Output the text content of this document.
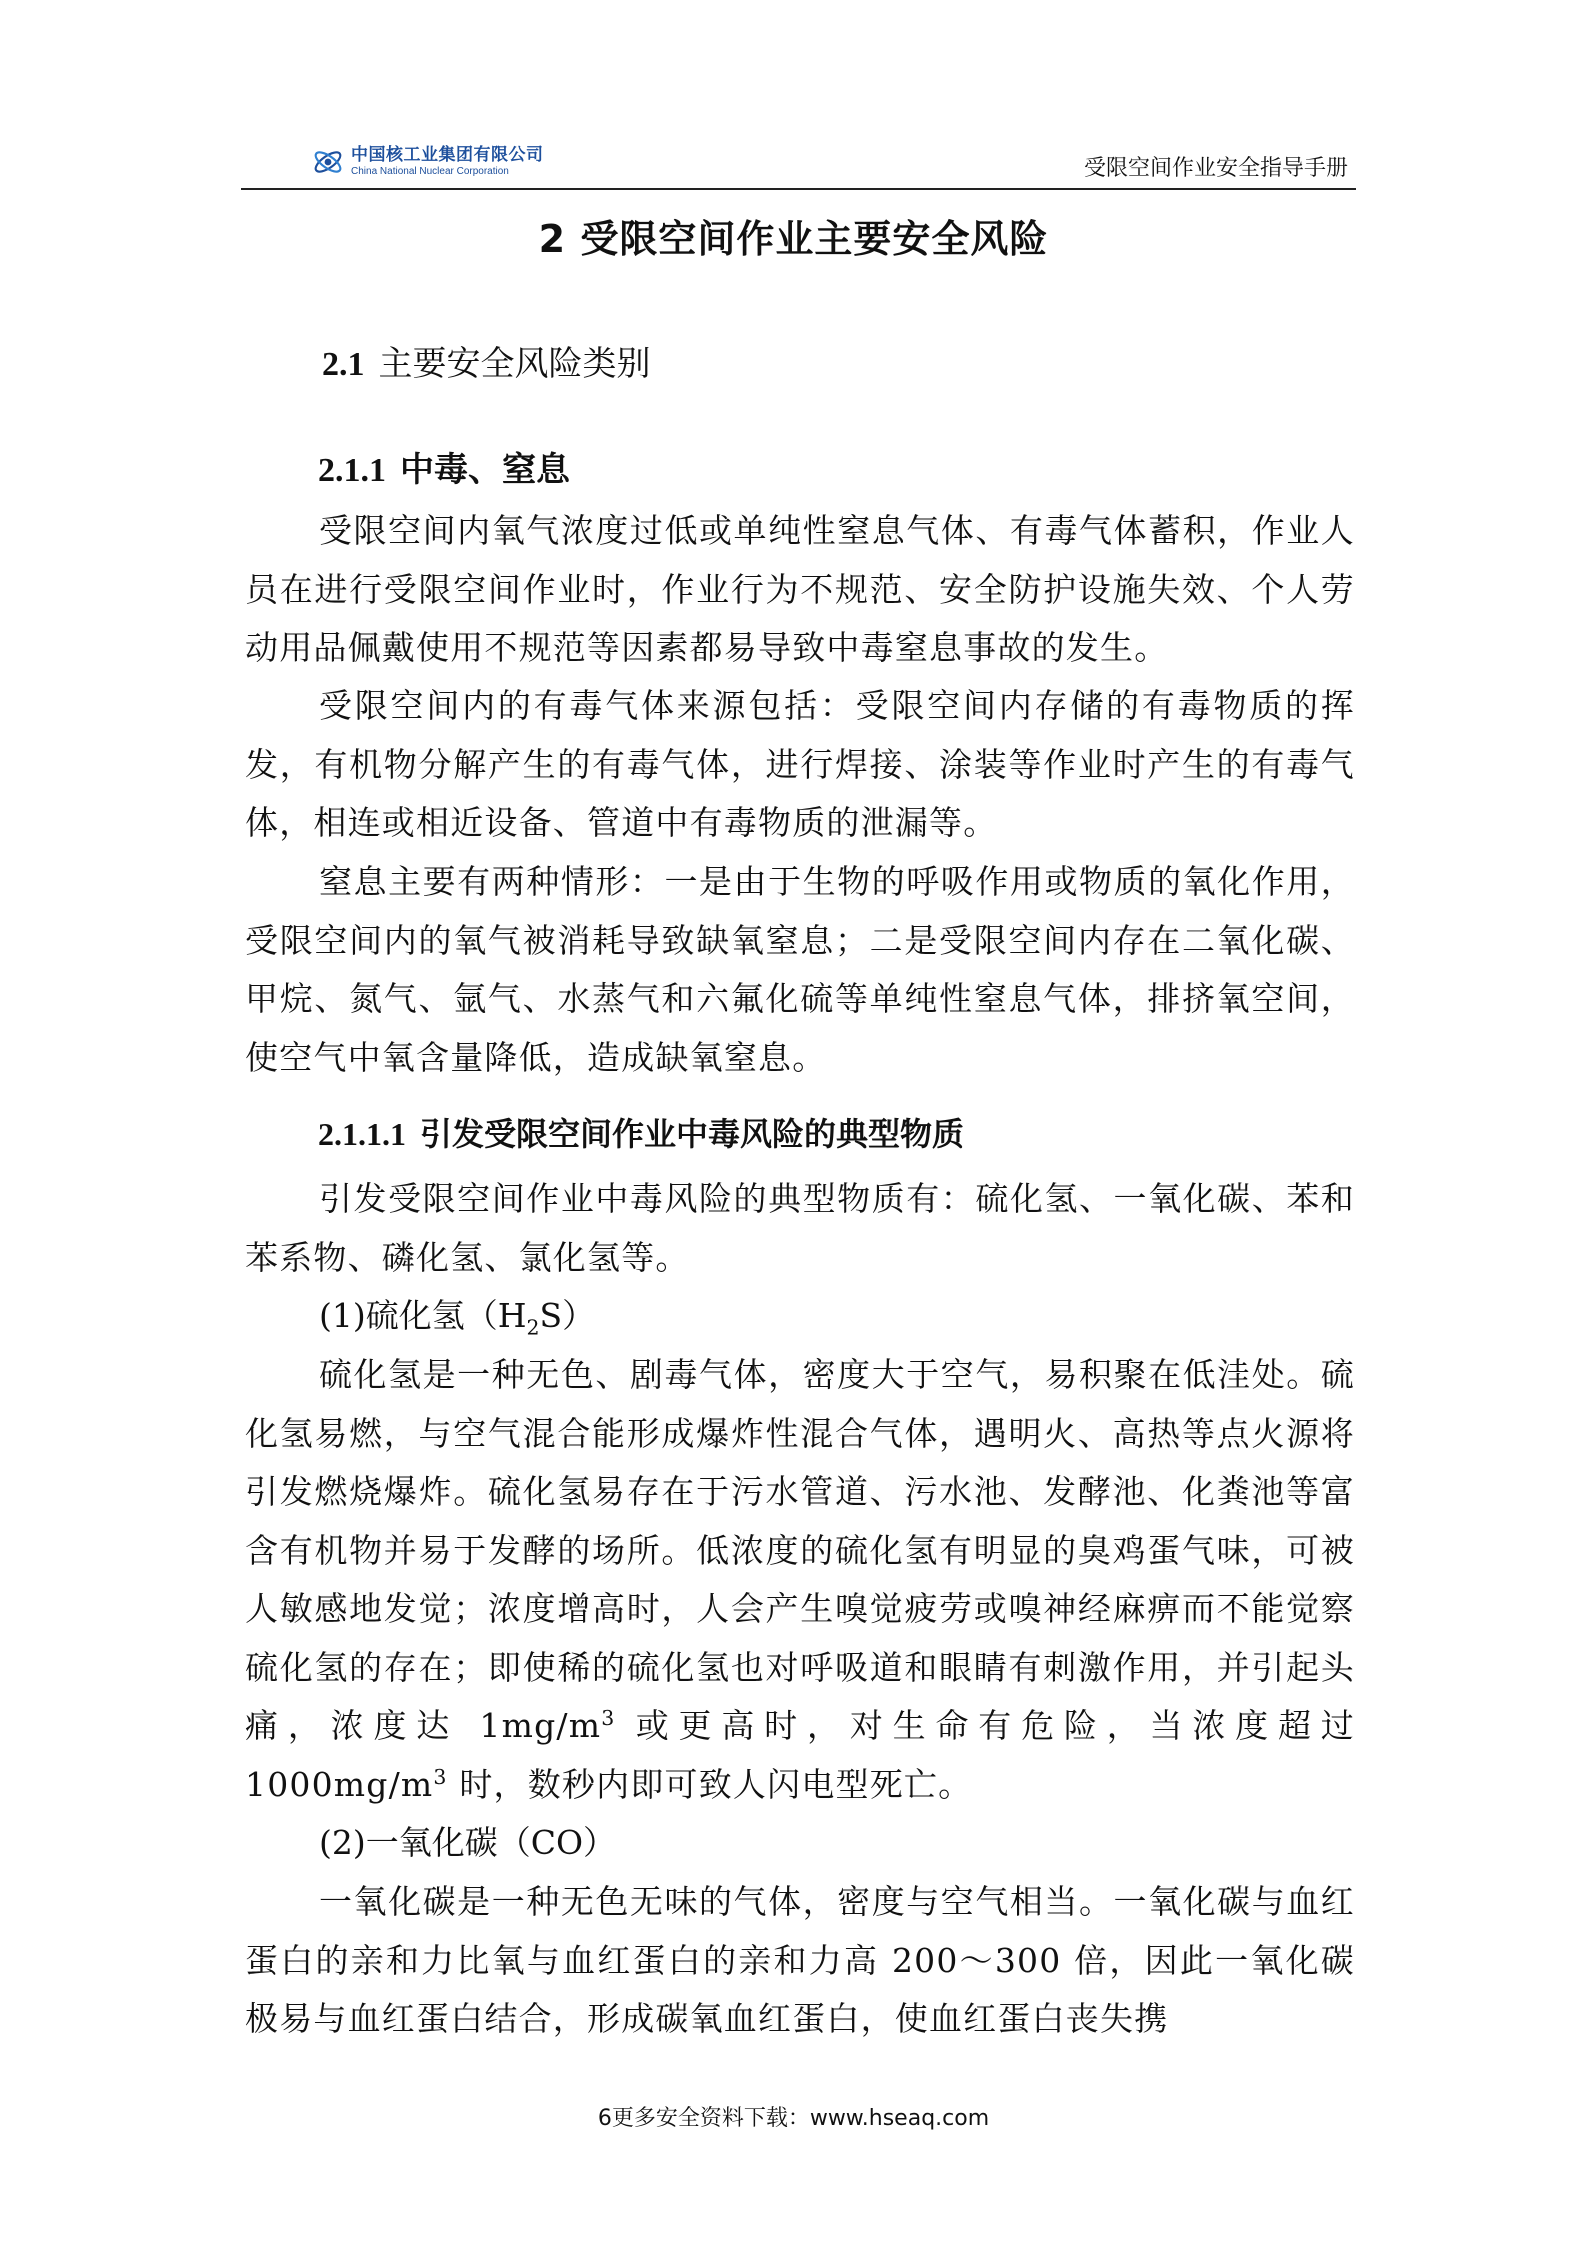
中国核工业集团有限公司
China National Nuclear Corporation	受限空间作业安全指导手册
2 受限空间作业主要安全风险
2.1 主要安全风险类别
2.1.1 中毒、窒息

受限空间内氧气浓度过低或单纯性窒息气体、有毒气体蓄积，作业人员在进行受限空间作业时，作业行为不规范、安全防护设施失效、个人劳动用品佩戴使用不规范等因素都易导致中毒窒息事故的发生。

受限空间内的有毒气体来源包括：受限空间内存储的有毒物质的挥发，有机物分解产生的有毒气体，进行焊接、涂装等作业时产生的有毒气体，相连或相近设备、管道中有毒物质的泄漏等。

窒息主要有两种情形：一是由于生物的呼吸作用或物质的氧化作用，受限空间内的氧气被消耗导致缺氧窒息；二是受限空间内存在二氧化碳、甲烷、氮气、氩气、水蒸气和六氟化硫等单纯性窒息气体，排挤氧空间，使空气中氧含量降低，造成缺氧窒息。

2.1.1.1 引发受限空间作业中毒风险的典型物质

引发受限空间作业中毒风险的典型物质有：硫化氢、一氧化碳、苯和苯系物、磷化氢、氯化氢等。

(1)硫化氢$(H_2S)$

硫化氢是一种无色、剧毒气体，密度大于空气，易积聚在低洼处。硫化氢易燃，与空气混合能形成爆炸性混合气体，遇明火、高热等点火源将引发燃烧爆炸。硫化氢易存在于污水管道、污水池、发酵池、化粪池等富含有机物并易于发酵的场所。低浓度的硫化氢有明显的臭鸡蛋气味，可被人敏感地发觉；浓度增高时，人会产生嗅觉疲劳或嗅神经麻痹而不能觉察硫化氢的存在；即使稀的硫化氢也对呼吸道和眼睛有刺激作用，并引起头痛，浓度达 $1mg/m^3$ 或更高时，对生命有危险，当浓度超过 $1000mg/m^3$ 时，数秒内即可致人闪电型死亡。

(2)一氧化碳（CO）

一氧化碳是一种无色无味的气体，密度与空气相当。一氧化碳与血红蛋白的亲和力比氧与血红蛋白的亲和力高 200～300 倍，因此一氧化碳极易与血红蛋白结合，形成碳氧血红蛋白，使血红蛋白丧失携

6更多安全资料下载：www.hseaq.com
